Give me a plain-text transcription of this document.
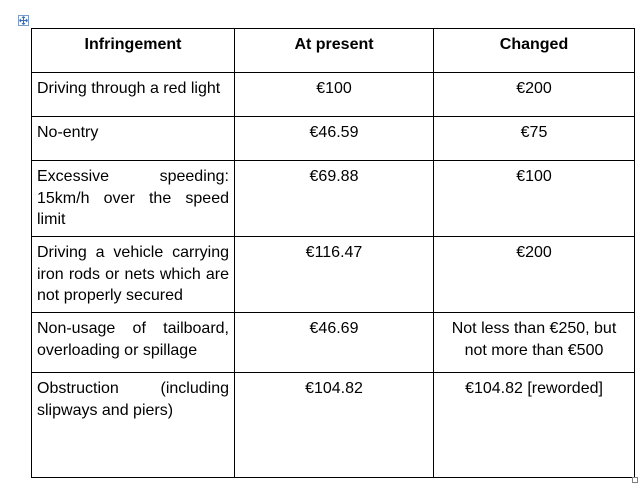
Infringement	At present	Changed
Driving through a red light	€100	€200
No-entry	€46.59	€75
Excessive speeding: 15km/h over the speed limit	€69.88	€100
Driving a vehicle carrying iron rods or nets which are not properly secured	€116.47	€200
Non-usage of tailboard, overloading or spillage	€46.69	Not less than €250, but not more than €500
Obstruction (including slipways and piers)	€104.82	€104.82 [reworded]
